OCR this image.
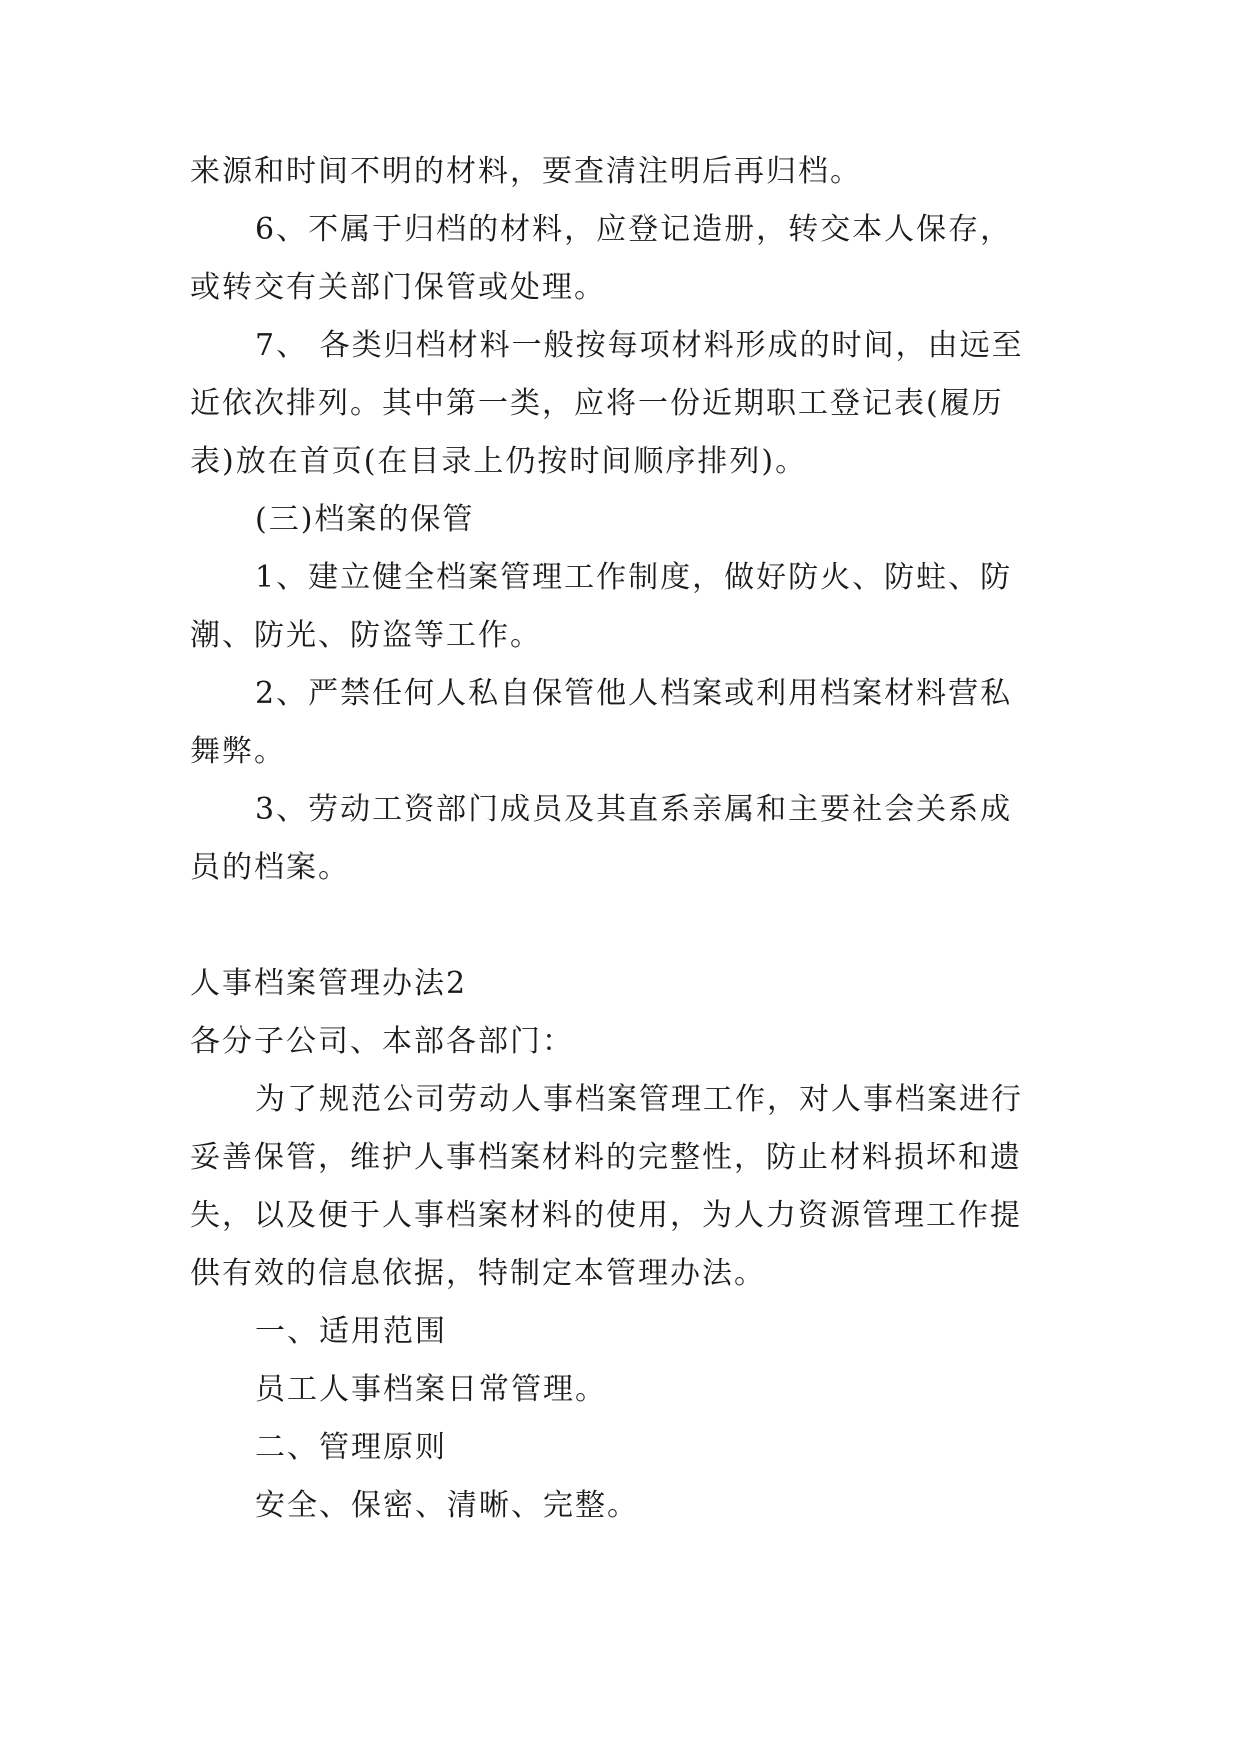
来源和时间不明的材料，要查清注明后再归档。
6、不属于归档的材料，应登记造册，转交本人保存，
或转交有关部门保管或处理。
7、 各类归档材料一般按每项材料形成的时间，由远至
近依次排列。其中第一类，应将一份近期职工登记表(履历
表)放在首页(在目录上仍按时间顺序排列)。
(三)档案的保管
1、建立健全档案管理工作制度，做好防火、防蛀、防
潮、防光、防盗等工作。
2、严禁任何人私自保管他人档案或利用档案材料营私
舞弊。
3、劳动工资部门成员及其直系亲属和主要社会关系成
员的档案。
人事档案管理办法2
各分子公司、本部各部门：
为了规范公司劳动人事档案管理工作，对人事档案进行
妥善保管，维护人事档案材料的完整性，防止材料损坏和遗
失，以及便于人事档案材料的使用，为人力资源管理工作提
供有效的信息依据，特制定本管理办法。
一、适用范围
员工人事档案日常管理。
二、管理原则
安全、保密、清晰、完整。
